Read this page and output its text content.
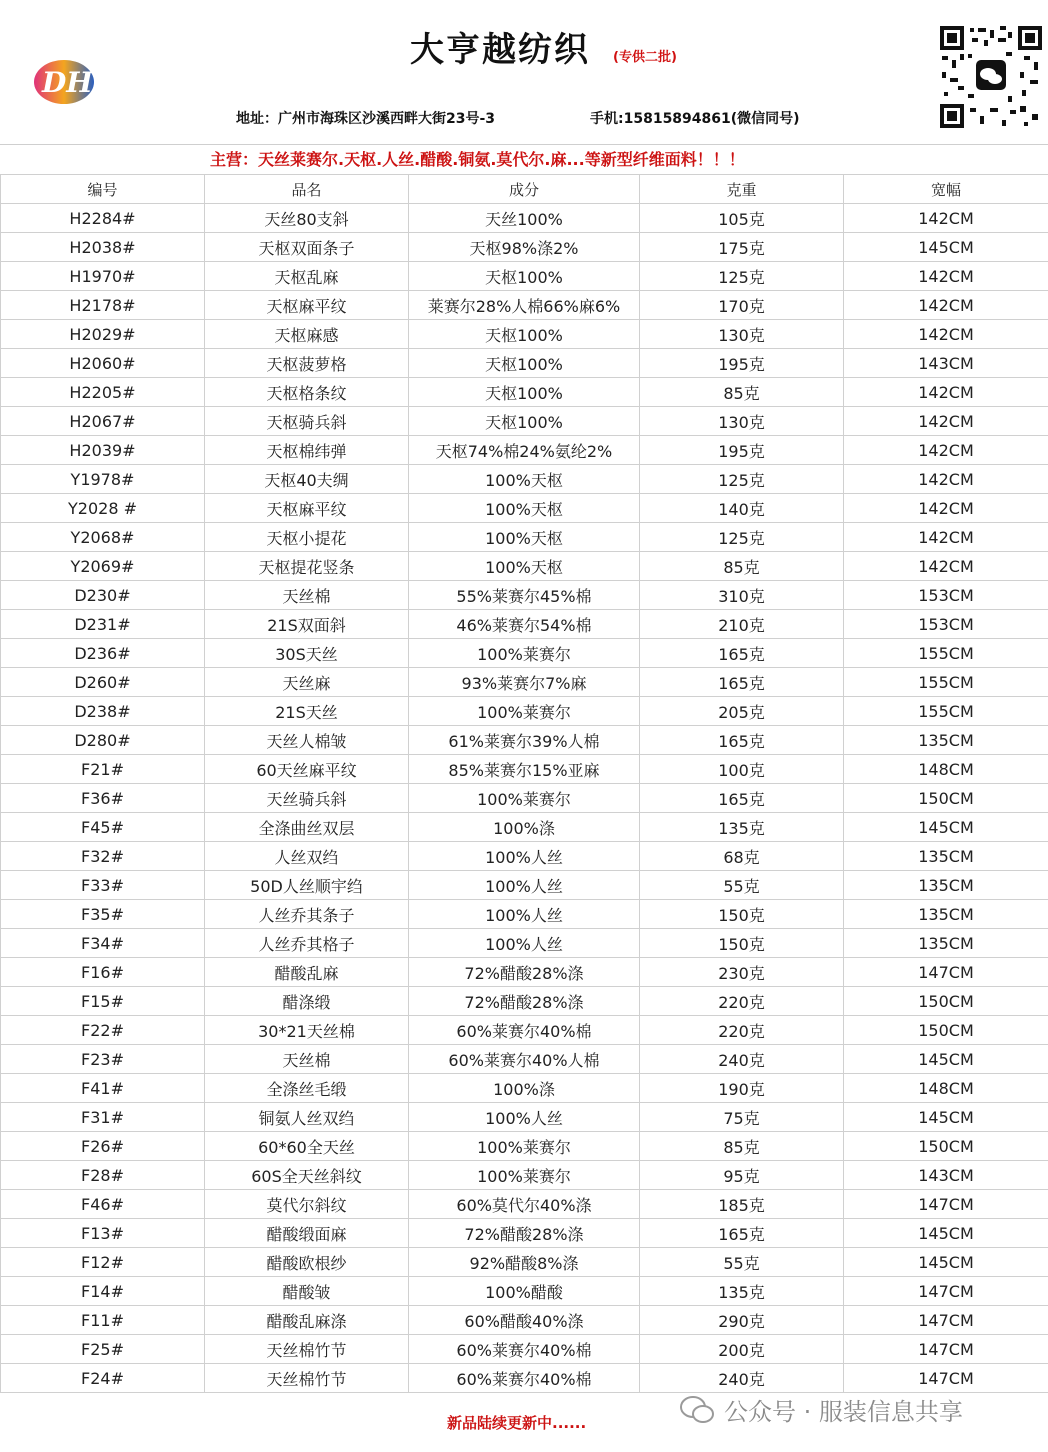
DHY
大亨越纺织 (专供二批)
地址：广州市海珠区沙溪西畔大街23号-3	手机:15815894861(微信同号)
主营：天丝莱赛尔.天枢.人丝.醋酸.铜氨.莫代尔.麻...等新型纤维面料！！！
编号	品名	成分	克重	宽幅
H2284#	天丝80支斜	天丝100%	105克	142CM
H2038#	天枢双面条子	天枢98%涤2%	175克	145CM
H1970#	天枢乱麻	天枢100%	125克	142CM
H2178#	天枢麻平纹	莱赛尔28%人棉66%麻6%	170克	142CM
H2029#	天枢麻感	天枢100%	130克	142CM
H2060#	天枢菠萝格	天枢100%	195克	143CM
H2205#	天枢格条纹	天枢100%	85克	142CM
H2067#	天枢骑兵斜	天枢100%	130克	142CM
H2039#	天枢棉纬弹	天枢74%棉24%氨纶2%	195克	142CM
Y1978#	天枢40夫绸	100%天枢	125克	142CM
Y2028 #	天枢麻平纹	100%天枢	140克	142CM
Y2068#	天枢小提花	100%天枢	125克	142CM
Y2069#	天枢提花竖条	100%天枢	85克	142CM
D230#	天丝棉	55%莱赛尔45%棉	310克	153CM
D231#	21S双面斜	46%莱赛尔54%棉	210克	153CM
D236#	30S天丝	100%莱赛尔	165克	155CM
D260#	天丝麻	93%莱赛尔7%麻	165克	155CM
D238#	21S天丝	100%莱赛尔	205克	155CM
D280#	天丝人棉皱	61%莱赛尔39%人棉	165克	135CM
F21#	60天丝麻平纹	85%莱赛尔15%亚麻	100克	148CM
F36#	天丝骑兵斜	100%莱赛尔	165克	150CM
F45#	全涤曲丝双层	100%涤	135克	145CM
F32#	人丝双绉	100%人丝	68克	135CM
F33#	50D人丝顺宇绉	100%人丝	55克	135CM
F35#	人丝乔其条子	100%人丝	150克	135CM
F34#	人丝乔其格子	100%人丝	150克	135CM
F16#	醋酸乱麻	72%醋酸28%涤	230克	147CM
F15#	醋涤缎	72%醋酸28%涤	220克	150CM
F22#	30*21天丝棉	60%莱赛尔40%棉	220克	150CM
F23#	天丝棉	60%莱赛尔40%人棉	240克	145CM
F41#	全涤丝毛缎	100%涤	190克	148CM
F31#	铜氨人丝双绉	100%人丝	75克	145CM
F26#	60*60全天丝	100%莱赛尔	85克	150CM
F28#	60S全天丝斜纹	100%莱赛尔	95克	143CM
F46#	莫代尔斜纹	60%莫代尔40%涤	185克	147CM
F13#	醋酸缎面麻	72%醋酸28%涤	165克	145CM
F12#	醋酸欧根纱	92%醋酸8%涤	55克	145CM
F14#	醋酸皱	100%醋酸	135克	147CM
F11#	醋酸乱麻涤	60%醋酸40%涤	290克	147CM
F25#	天丝棉竹节	60%莱赛尔40%棉	200克	147CM
F24#	天丝棉竹节	60%莱赛尔40%棉	240克	147CM
公众号 · 服装信息共享
新品陆续更新中......
